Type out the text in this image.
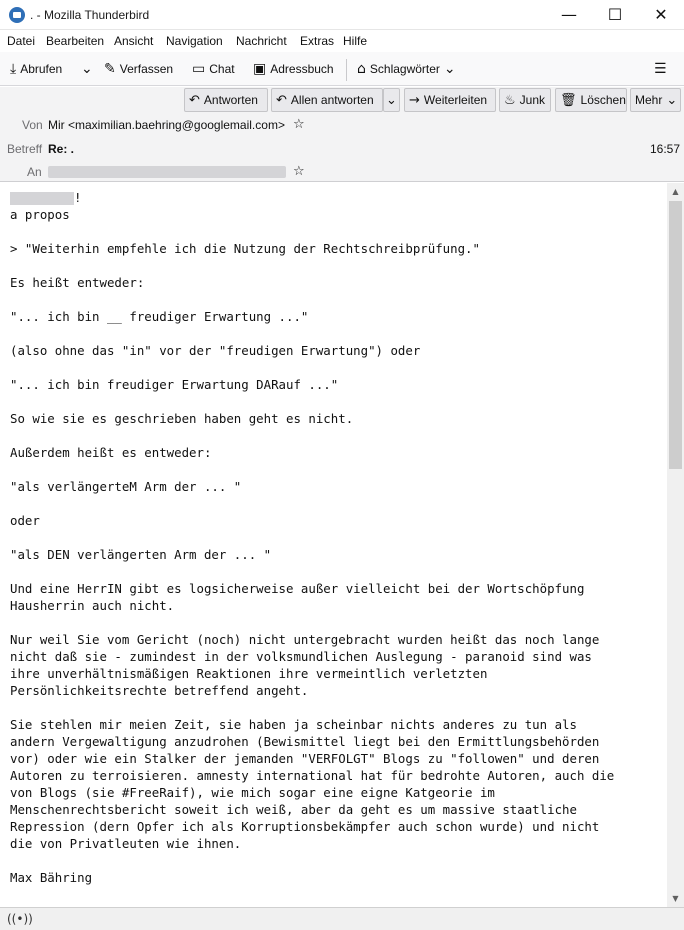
. - Mozilla Thunderbird	—	☐	✕
Datei Bearbeiten Ansicht Navigation Nachricht Extras Hilfe
⤓ Abrufen ⌄ ✎ Verfassen ▭ Chat ▣ Adressbuch ⌂ Schlagwörter ⌄	☰
↶ Antworten ↶ Allen antworten ⌄ → Weiterleiten ♨ Junk 🗑 Löschen Mehr ⌄
Von Mir <maximilian.baehring@googlemail.com> ☆
Betreff Re: .	16:57
An	☆
!
a propos

> "Weiterhin empfehle ich die Nutzung der Rechtschreibprüfung."

Es heißt entweder:

"... ich bin __ freudiger Erwartung ..."

(also ohne das "in" vor der "freudigen Erwartung") oder

"... ich bin freudiger Erwartung DARauf ..."

So wie sie es geschrieben haben geht es nicht.

Außerdem heißt es entweder:

"als verlängerteM Arm der ... "

oder

"als DEN verlängerten Arm der ... "

Und eine HerrIN gibt es logsicherweise außer vielleicht bei der Wortschöpfung
Hausherrin auch nicht.

Nur weil Sie vom Gericht (noch) nicht untergebracht wurden heißt das noch lange
nicht daß sie - zumindest in der volksmundlichen Auslegung - paranoid sind was
ihre unverhältnismäßigen Reaktionen ihre vermeintlich verletzten
Persönlichkeitsrechte betreffend angeht.

Sie stehlen mir meien Zeit, sie haben ja scheinbar nichts anderes zu tun als
andern Vergewaltigung anzudrohen (Bewismittel liegt bei den Ermittlungsbehörden
vor) oder wie ein Stalker der jemanden "VERFOLGT" Blogs zu "followen" und deren
Autoren zu terroisieren. amnesty international hat für bedrohte Autoren, auch die
von Blogs (sie #FreeRaif), wie mich sogar eine eigne Katgeorie im
Menschenrechtsbericht soweit ich weiß, aber da geht es um massive staatliche
Repression (dern Opfer ich als Korruptionsbekämpfer auch schon wurde) und nicht
die von Privatleuten wie ihnen.

Max Bähring
▲
▼
((•))
